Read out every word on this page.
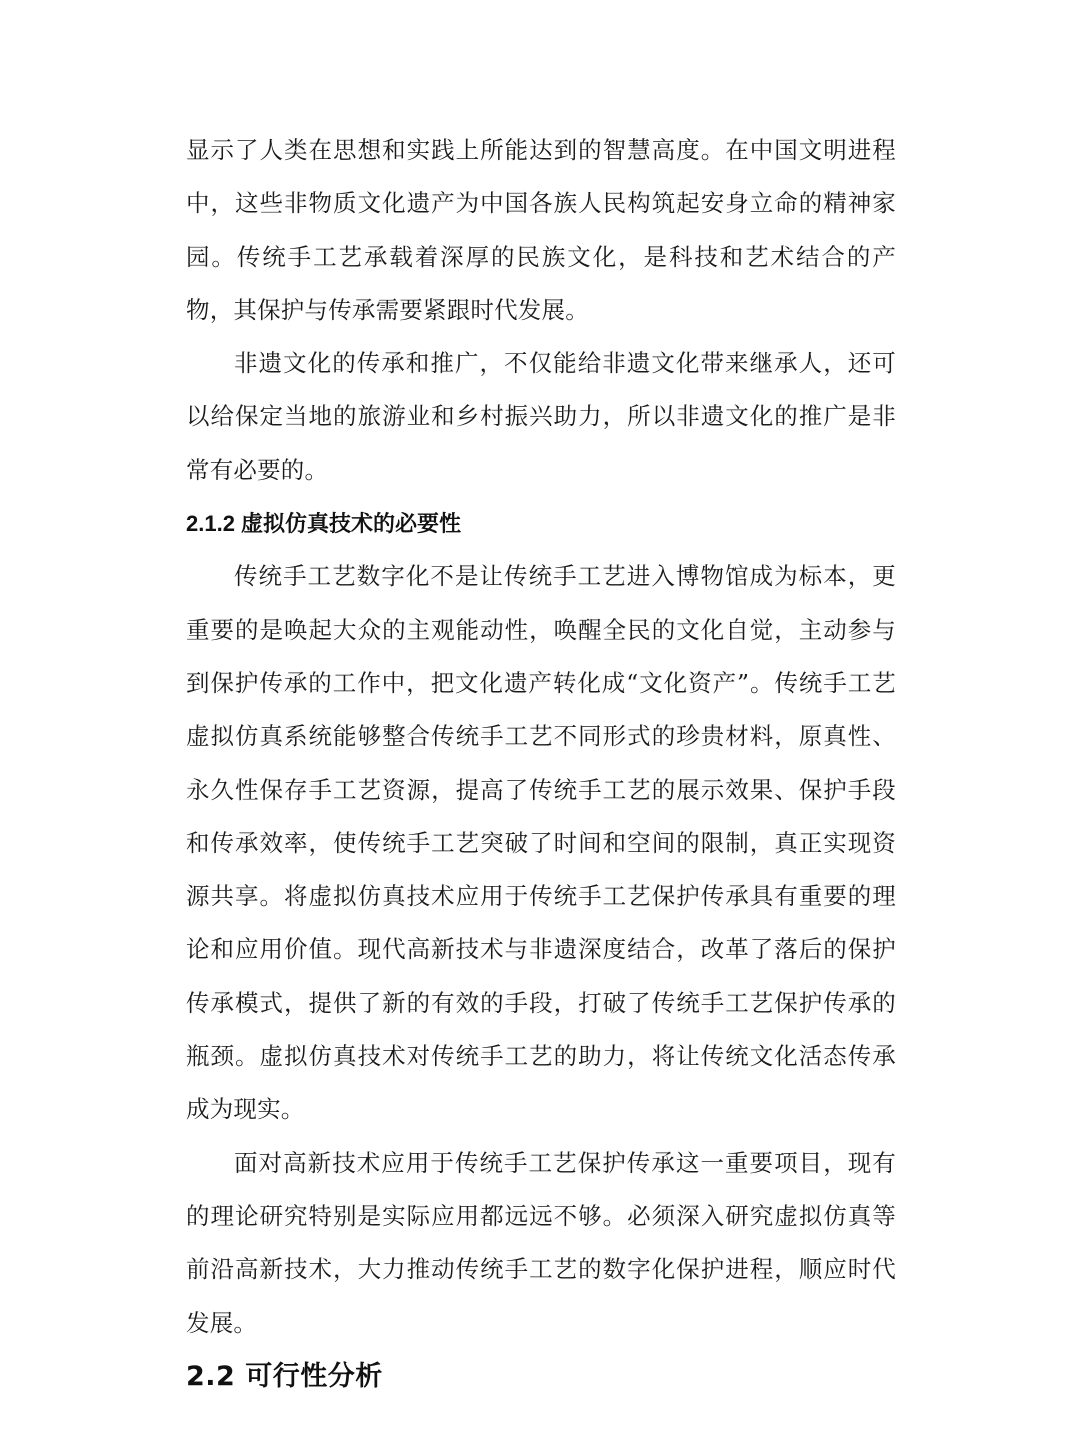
显示了人类在思想和实践上所能达到的智慧高度。在中国文明进程中，这些非物质文化遗产为中国各族人民构筑起安身立命的精神家园。传统手工艺承载着深厚的民族文化，是科技和艺术结合的产物，其保护与传承需要紧跟时代发展。

非遗文化的传承和推广，不仅能给非遗文化带来继承人，还可以给保定当地的旅游业和乡村振兴助力，所以非遗文化的推广是非常有必要的。

2.1.2 虚拟仿真技术的必要性

传统手工艺数字化不是让传统手工艺进入博物馆成为标本，更重要的是唤起大众的主观能动性，唤醒全民的文化自觉，主动参与到保护传承的工作中，把文化遗产转化成“文化资产”。传统手工艺虚拟仿真系统能够整合传统手工艺不同形式的珍贵材料，原真性、永久性保存手工艺资源，提高了传统手工艺的展示效果、保护手段和传承效率，使传统手工艺突破了时间和空间的限制，真正实现资源共享。将虚拟仿真技术应用于传统手工艺保护传承具有重要的理论和应用价值。现代高新技术与非遗深度结合，改革了落后的保护传承模式，提供了新的有效的手段，打破了传统手工艺保护传承的瓶颈。虚拟仿真技术对传统手工艺的助力，将让传统文化活态传承成为现实。

面对高新技术应用于传统手工艺保护传承这一重要项目，现有的理论研究特别是实际应用都远远不够。必须深入研究虚拟仿真等前沿高新技术，大力推动传统手工艺的数字化保护进程，顺应时代发展。

2.2 可行性分析
